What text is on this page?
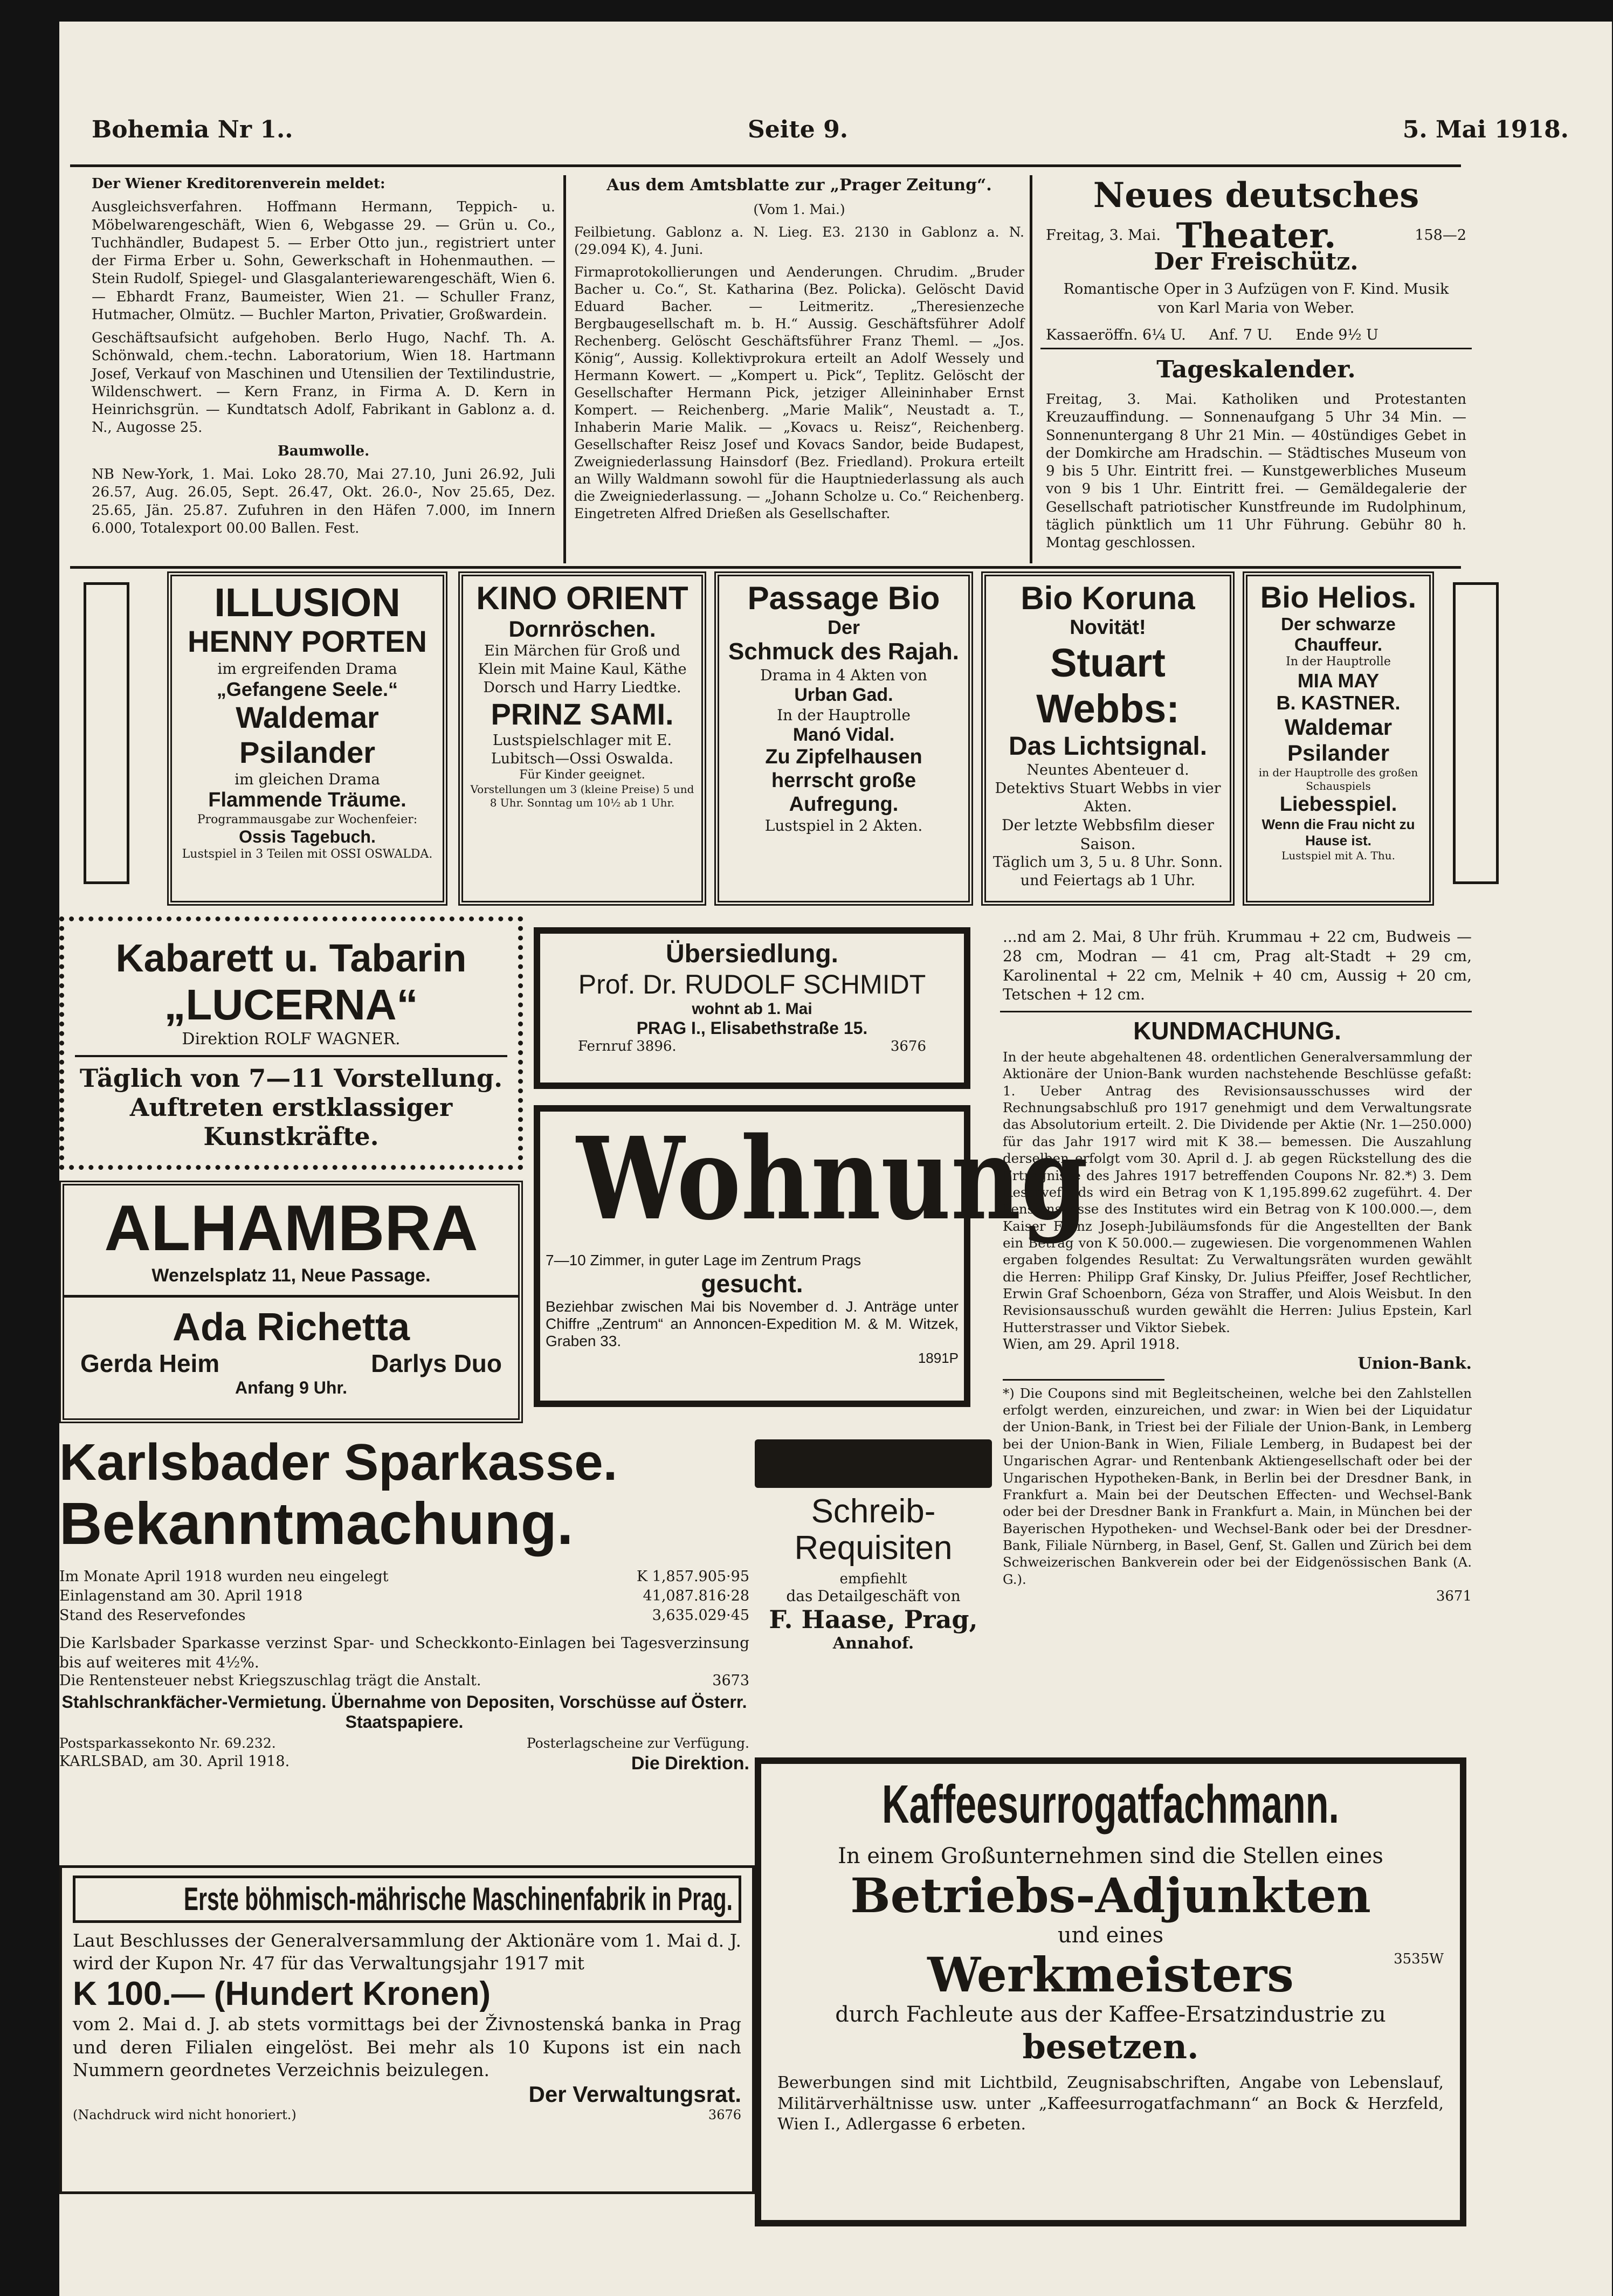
Bohemia Nr 1..	Seite 9.	5. Mai 1918.

Der Wiener Kreditorenverein meldet:

Ausgleichsverfahren. Hoffmann Hermann, Teppich- u. Möbelwarengeschäft, Wien 6, Webgasse 29. — Grün u. Co., Tuchhändler, Budapest 5. — Erber Otto jun., registriert unter der Firma Erber u. Sohn, Gewerkschaft in Hohenmauthen. — Stein Rudolf, Spiegel- und Glasgalanteriewarengeschäft, Wien 6. — Ebhardt Franz, Baumeister, Wien 21. — Schuller Franz, Hutmacher, Olmütz. — Buchler Marton, Privatier, Großwardein.

Geschäftsaufsicht aufgehoben. Berlo Hugo, Nachf. Th. A. Schönwald, chem.-techn. Laboratorium, Wien 18. Hartmann Josef, Verkauf von Maschinen und Utensilien der Textilindustrie, Wildenschwert. — Kern Franz, in Firma A. D. Kern in Heinrichsgrün. — Kundtatsch Adolf, Fabrikant in Gablonz a. d. N., Augosse 25.

Baumwolle.

NB New-York, 1. Mai. Loko 28.70, Mai 27.10, Juni 26.92, Juli 26.57, Aug. 26.05, Sept. 26.47, Okt. 26.0-, Nov 25.65, Dez. 25.65, Jän. 25.87. Zufuhren in den Häfen 7.000, im Innern 6.000, Totalexport 00.00 Ballen. Fest.

Aus dem Amtsblatte zur „Prager Zeitung“.

(Vom 1. Mai.)

Feilbietung. Gablonz a. N. Lieg. E3. 2130 in Gablonz a. N. (29.094 K), 4. Juni.

Firmaprotokollierungen und Aenderungen. Chrudim. „Bruder Bacher u. Co.“, St. Katharina (Bez. Policka). Gelöscht David Eduard Bacher. — Leitmeritz. „Theresienzeche Bergbaugesellschaft m. b. H.“ Aussig. Geschäftsführer Adolf Rechenberg. Gelöscht Geschäftsführer Franz Theml. — „Jos. König“, Aussig. Kollektivprokura erteilt an Adolf Wessely und Hermann Kowert. — „Kompert u. Pick“, Teplitz. Gelöscht der Gesellschafter Hermann Pick, jetziger Alleininhaber Ernst Kompert. — Reichenberg. „Marie Malik“, Neustadt a. T., Inhaberin Marie Malik. — „Kovacs u. Reisz“, Reichenberg. Gesellschafter Reisz Josef und Kovacs Sandor, beide Budapest, Zweigniederlassung Hainsdorf (Bez. Friedland). Prokura erteilt an Willy Waldmann sowohl für die Hauptniederlassung als auch die Zweigniederlassung. — „Johann Scholze u. Co.“ Reichenberg. Eingetreten Alfred Drießen als Gesellschafter.

Neues deutsches Theater.
Freitag, 3. Mai.	158—2
Der Freischütz.
Romantische Oper in 3 Aufzügen von F. Kind. Musik von Karl Maria von Weber.
Kassaeröffn. 6¼ U.     Anf. 7 U.     Ende 9½ U
Tageskalender.
Freitag, 3. Mai. Katholiken und Protestanten Kreuzauffindung. — Sonnenaufgang 5 Uhr 34 Min. — Sonnenuntergang 8 Uhr 21 Min. — 40stündiges Gebet in der Domkirche am Hradschin. — Städtisches Museum von 9 bis 5 Uhr. Eintritt frei. — Kunstgewerbliches Museum von 9 bis 1 Uhr. Eintritt frei. — Gemäldegalerie der Gesellschaft patriotischer Kunstfreunde im Rudolphinum, täglich pünktlich um 11 Uhr Führung. Gebühr 80 h. Montag geschlossen.
ILLUSION
HENNY PORTEN
im ergreifenden Drama
„Gefangene Seele.“
Waldemar Psilander
im gleichen Drama
Flammende Träume.
Programmausgabe zur Wochenfeier:
Ossis Tagebuch.
Lustspiel in 3 Teilen mit OSSI OSWALDA.
KINO ORIENT
Dornröschen.
Ein Märchen für Groß und Klein mit Maine Kaul, Käthe Dorsch und Harry Liedtke.
PRINZ SAMI.
Lustspielschlager mit E. Lubitsch—Ossi Oswalda.
Für Kinder geeignet.
Vorstellungen um 3 (kleine Preise) 5 und 8 Uhr. Sonntag um 10½ ab 1 Uhr.
Passage Bio
Der
Schmuck des Rajah.
Drama in 4 Akten von
Urban Gad.
In der Hauptrolle
Manó Vidal.
Zu Zipfelhausen herrscht große Aufregung.
Lustspiel in 2 Akten.
Bio Koruna
Novität!
Stuart Webbs:
Das Lichtsignal.
Neuntes Abenteuer d. Detektivs Stuart Webbs in vier Akten.
Der letzte Webbsfilm dieser Saison.
Täglich um 3, 5 u. 8 Uhr. Sonn. und Feiertags ab 1 Uhr.
Bio Helios.
Der schwarze Chauffeur.
In der Hauptrolle
MIA MAY
B. KASTNER.
Waldemar Psilander
in der Hauptrolle des großen Schauspiels
Liebesspiel.
Wenn die Frau nicht zu Hause ist.
Lustspiel mit A. Thu.
Kabarett u. Tabarin
„LUCERNA“
Direktion ROLF WAGNER.
Täglich von 7—11 Vorstellung.
Auftreten erstklassiger Kunstkräfte.
ALHAMBRA
Wenzelsplatz 11, Neue Passage.
Ada Richetta
Gerda Heim	Darlys Duo
Anfang 9 Uhr.
Übersiedlung.
Prof. Dr. RUDOLF SCHMIDT
wohnt ab 1. Mai
PRAG I., Elisabethstraße 15.
Fernruf 3896.	3676
Wohnung
7—10 Zimmer, in guter Lage im Zentrum Prags
gesucht.
Beziehbar zwischen Mai bis November d. J. Anträge unter Chiffre „Zentrum“ an Annoncen-Expedition M. & M. Witzek, Graben 33.
1891P
...nd am 2. Mai, 8 Uhr früh. Krummau + 22 cm, Budweis — 28 cm, Modran — 41 cm, Prag alt-Stadt + 29 cm, Karolinental + 22 cm, Melnik + 40 cm, Aussig + 20 cm, Tetschen + 12 cm.
KUNDMACHUNG.
In der heute abgehaltenen 48. ordentlichen Generalversammlung der Aktionäre der Union-Bank wurden nachstehende Beschlüsse gefaßt: 1. Ueber Antrag des Revisionsausschusses wird der Rechnungsabschluß pro 1917 genehmigt und dem Verwaltungsrate das Absolutorium erteilt. 2. Die Dividende per Aktie (Nr. 1—250.000) für das Jahr 1917 wird mit K 38.— bemessen. Die Auszahlung derselben erfolgt vom 30. April d. J. ab gegen Rückstellung des die Erträgnisse des Jahres 1917 betreffenden Coupons Nr. 82.*) 3. Dem Reservefonds wird ein Betrag von K 1,195.899.62 zugeführt. 4. Der Pensionskasse des Institutes wird ein Betrag von K 100.000.—, dem Kaiser Franz Joseph-Jubiläumsfonds für die Angestellten der Bank ein Betrag von K 50.000.— zugewiesen. Die vorgenommenen Wahlen ergaben folgendes Resultat: Zu Verwaltungsräten wurden gewählt die Herren: Philipp Graf Kinsky, Dr. Julius Pfeiffer, Josef Rechtlicher, Erwin Graf Schoenborn, Géza von Straffer, und Alois Weisbut. In den Revisionsausschuß wurden gewählt die Herren: Julius Epstein, Karl Hutterstrasser und Viktor Siebek.
Wien, am 29. April 1918.
Union-Bank.
*) Die Coupons sind mit Begleitscheinen, welche bei den Zahlstellen erfolgt werden, einzureichen, und zwar: in Wien bei der Liquidatur der Union-Bank, in Triest bei der Filiale der Union-Bank, in Lemberg bei der Union-Bank in Wien, Filiale Lemberg, in Budapest bei der Ungarischen Agrar- und Rentenbank Aktiengesellschaft oder bei der Ungarischen Hypotheken-Bank, in Berlin bei der Dresdner Bank, in Frankfurt a. Main bei der Deutschen Effecten- und Wechsel-Bank oder bei der Dresdner Bank in Frankfurt a. Main, in München bei der Bayerischen Hypotheken- und Wechsel-Bank oder bei der Dresdner-Bank, Filiale Nürnberg, in Basel, Genf, St. Gallen und Zürich bei dem Schweizerischen Bankverein oder bei der Eidgenössischen Bank (A. G.).
3671
Karlsbader Sparkasse.
Bekanntmachung.
Im Monate April 1918 wurden neu eingelegt	K 1,857.905·95
Einlagenstand am 30. April 1918	41,087.816·28
Stand des Reservefondes	3,635.029·45
Die Karlsbader Sparkasse verzinst Spar- und Scheckkonto-Einlagen bei Tagesverzinsung bis auf weiteres mit 4½%.
Die Rentensteuer nebst Kriegszuschlag trägt die Anstalt.	3673
Stahlschrankfächer-Vermietung. Übernahme von Depositen, Vorschüsse auf Österr. Staatspapiere.
Postsparkassekonto Nr. 69.232.	Posterlagscheine zur Verfügung.
KARLSBAD, am 30. April 1918.	Die Direktion.
Schreib-
Requisiten
empfiehlt
das Detailgeschäft von
F. Haase, Prag,
Annahof.
Erste böhmisch-mährische Maschinenfabrik in Prag.
Laut Beschlusses der Generalversammlung der Aktionäre vom 1. Mai d. J. wird der Kupon Nr. 47 für das Verwaltungsjahr 1917 mit
K 100.— (Hundert Kronen)
vom 2. Mai d. J. ab stets vormittags bei der Živnostenská banka in Prag und deren Filialen eingelöst. Bei mehr als 10 Kupons ist ein nach Nummern geordnetes Verzeichnis beizulegen.
Der Verwaltungsrat.
(Nachdruck wird nicht honoriert.)	3676
Kaffeesurrogatfachmann.
In einem Großunternehmen sind die Stellen eines
Betriebs-Adjunkten
und eines
Werkmeisters	3535W
durch Fachleute aus der Kaffee-Ersatzindustrie zu
besetzen.
Bewerbungen sind mit Lichtbild, Zeugnisabschriften, Angabe von Lebenslauf, Militärverhältnisse usw. unter „Kaffeesurrogatfachmann“ an Bock & Herzfeld, Wien I., Adlergasse 6 erbeten.
